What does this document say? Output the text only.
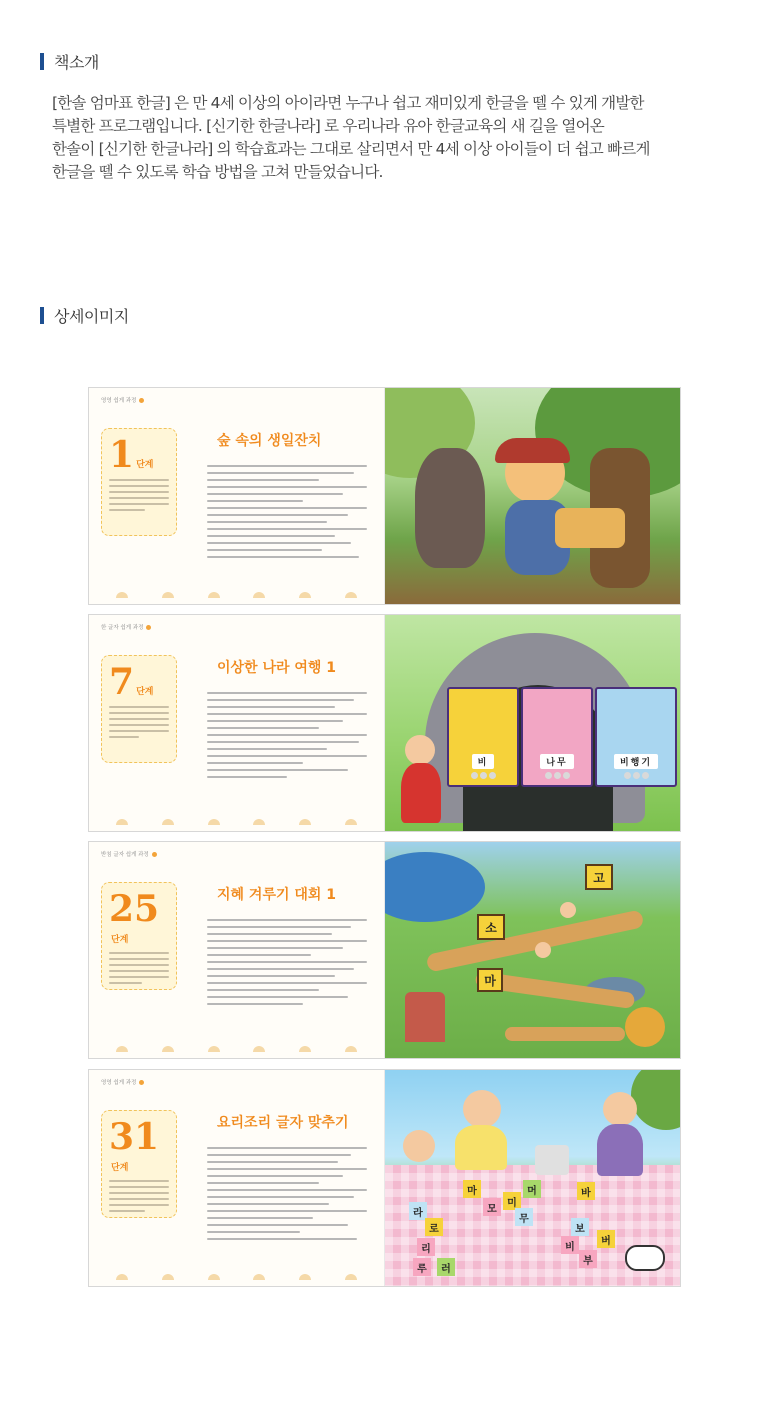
책소개
[한솔 엄마표 한글] 은 만 4세 이상의 아이라면 누구나 쉽고 재미있게 한글을 뗄 수 있게 개발한
특별한 프로그램입니다. [신기한 한글나라] 로 우리나라 유아 한글교육의 새 길을 열어온
한솔이 [신기한 한글나라] 의 학습효과는 그대로 살리면서 만 4세 이상 아이들이 더 쉽고 빠르게
한글을 뗄 수 있도록 학습 방법을 고쳐 만들었습니다.
상세이미지
영영 쉽게 과정
1 단계
숲 속의 생일잔치
한 글자 쉽게 과정
7 단계
이상한 나라 여행 1
비	나무	비행기
받침 글자 쉽게 과정
25단계
지혜 겨루기 대회 1
고
소
마
영영 쉽게 과정
31단계
요리조리 글자 맞추기
마
모
미
머
무
바
보
비
부
버
라
로
리
루	러
